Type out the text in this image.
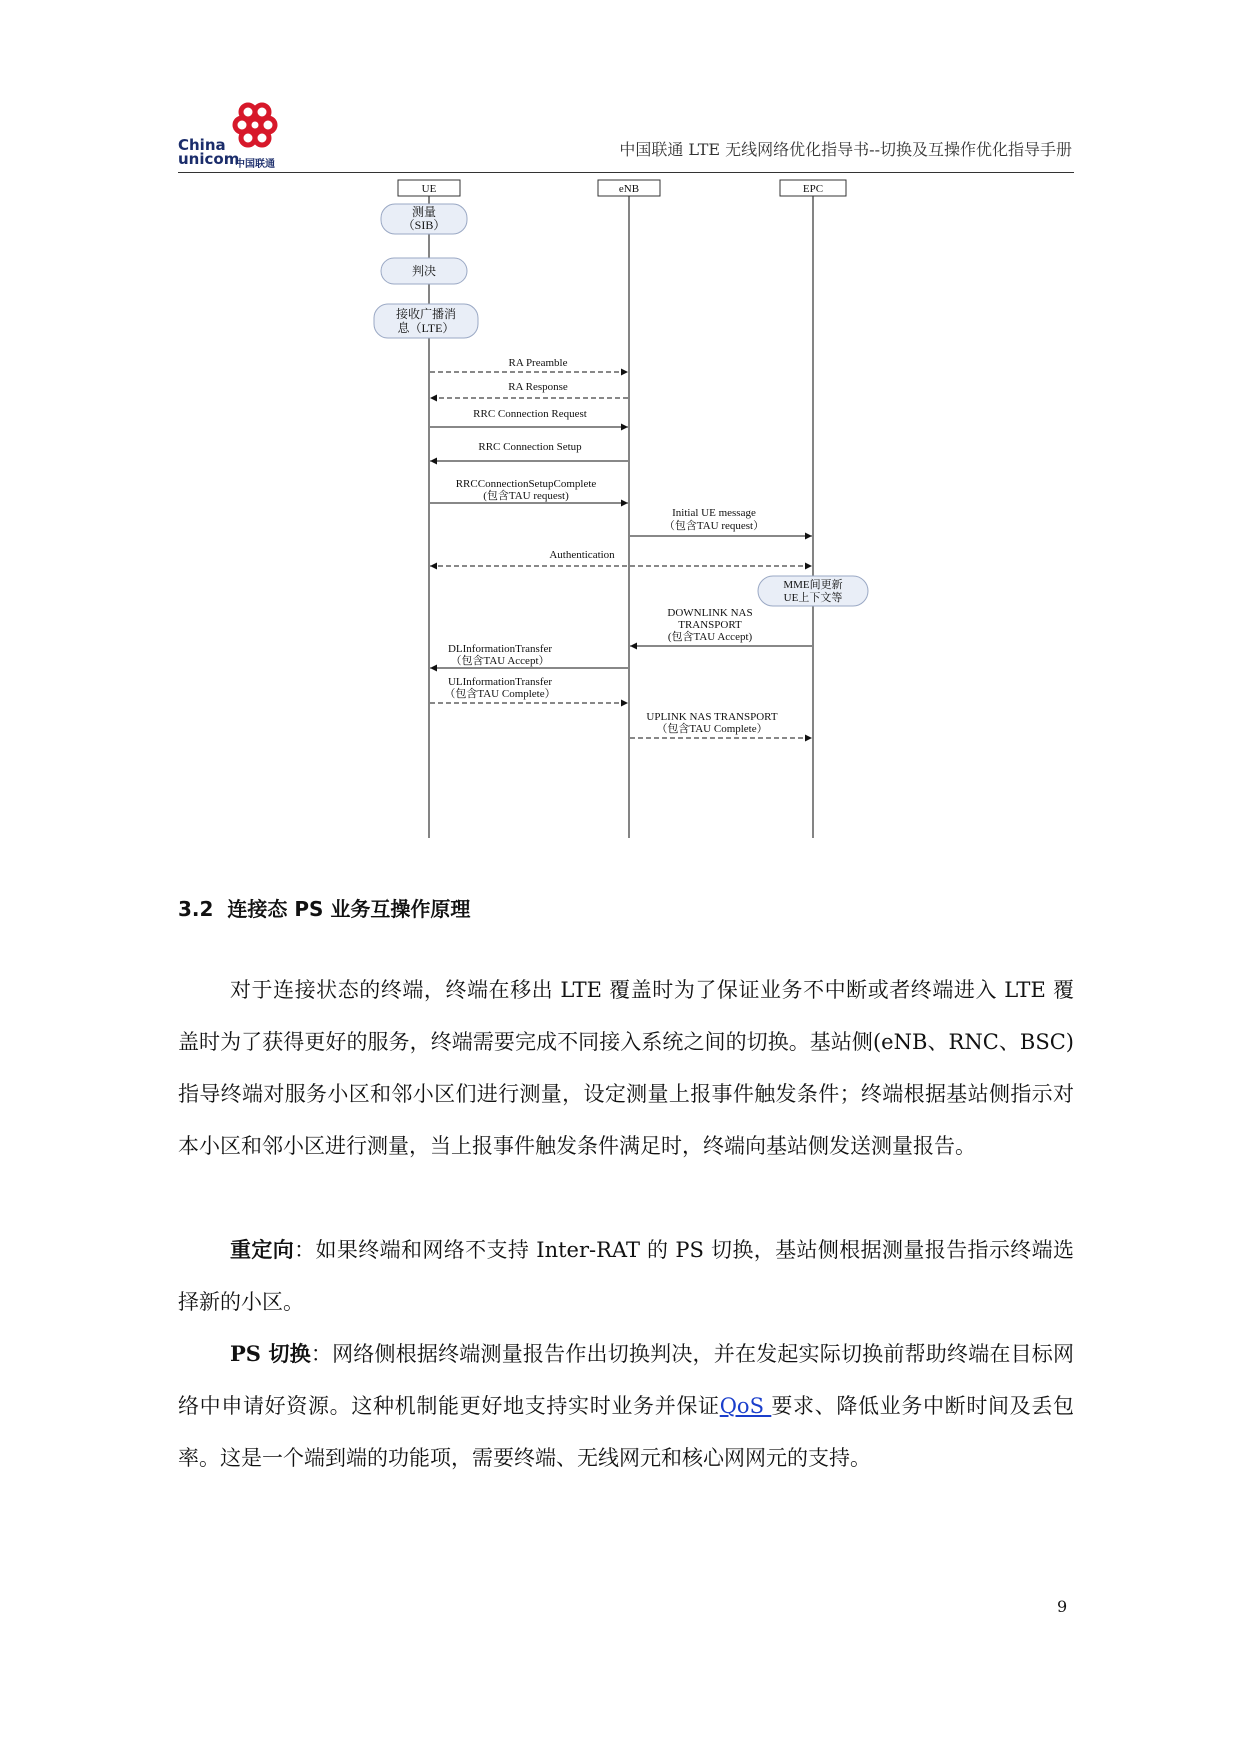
China
unicom
中国联通
中国联通 LTE 无线网络优化指导书--切换及互操作优化指导手册
UE	eNB	EPC
测量
（SIB）
判决
接收广播消
息（LTE）
RA Preamble
RA Response
RRC Connection Request
RRC Connection Setup
RRCConnectionSetupComplete
(包含TAU request)
Initial UE message
（包含TAU request）
Authentication
MME间更新
UE上下文等
DOWNLINK NAS
TRANSPORT
(包含TAU Accept)
DLInformationTransfer
（包含TAU Accept）
ULInformationTransfer
（包含TAU Complete）
UPLINK NAS TRANSPORT
（包含TAU Complete）
3.2 连接态 PS 业务互操作原理

对于连接状态的终端，终端在移出 LTE 覆盖时为了保证业务不中断或者终端进入 LTE 覆盖时为了获得更好的服务，终端需要完成不同接入系统之间的切换。基站侧(eNB、RNC、BSC)指导终端对服务小区和邻小区们进行测量，设定测量上报事件触发条件；终端根据基站侧指示对本小区和邻小区进行测量，当上报事件触发条件满足时，终端向基站侧发送测量报告。

重定向：如果终端和网络不支持 Inter-RAT 的 PS 切换，基站侧根据测量报告指示终端选择新的小区。

PS 切换：网络侧根据终端测量报告作出切换判决，并在发起实际切换前帮助终端在目标网络中申请好资源。这种机制能更好地支持实时业务并保证QoS 要求、降低业务中断时间及丢包率。这是一个端到端的功能项，需要终端、无线网元和核心网网元的支持。

9
